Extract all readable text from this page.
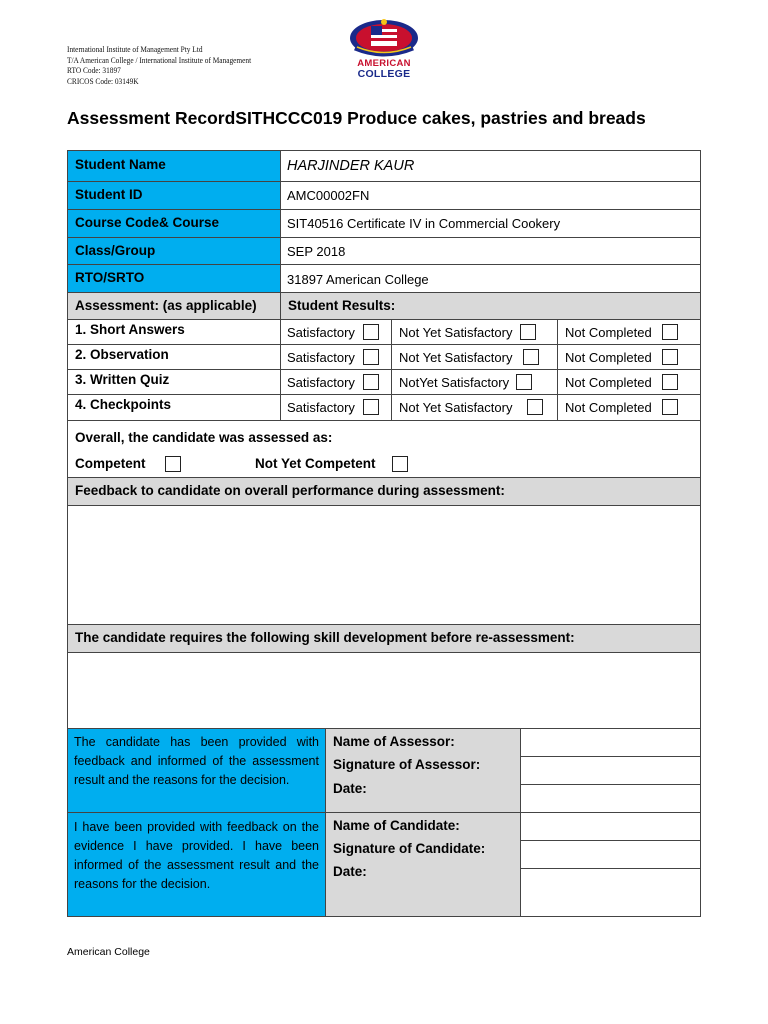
International Institute of Management Pty Ltd
T/A American College / International Institute of Management
RTO Code: 31897
CRICOS Code: 03149K
AMERICAN
COLLEGE
Assessment RecordSITHCCC019 Produce cakes, pastries and breads
Student Name	HARJINDER KAUR
Student ID	AMC00002FN
Course Code& Course	SIT40516 Certificate IV in Commercial Cookery
Class/Group	SEP 2018
RTO/SRTO	31897 American College
Assessment: (as applicable) Student Results:
1. Short Answers	Satisfactory	Not Yet Satisfactory	Not Completed
2. Observation	Satisfactory	Not Yet Satisfactory	Not Completed
3. Written Quiz	Satisfactory	NotYet Satisfactory	Not Completed
4. Checkpoints	Satisfactory	Not Yet Satisfactory	Not Completed
Overall, the candidate was assessed as:
Competent	Not Yet Competent
Feedback to candidate on overall performance during assessment:
The candidate requires the following skill development before re-assessment:
The candidate has been provided with feedback and informed of the assessment result and the reasons for the decision.
Name of Assessor:
Signature of Assessor:
Date:
I have been provided with feedback on the evidence I have provided. I have been informed of the assessment result and the reasons for the decision.
Name of Candidate:
Signature of Candidate:
Date:
American College
